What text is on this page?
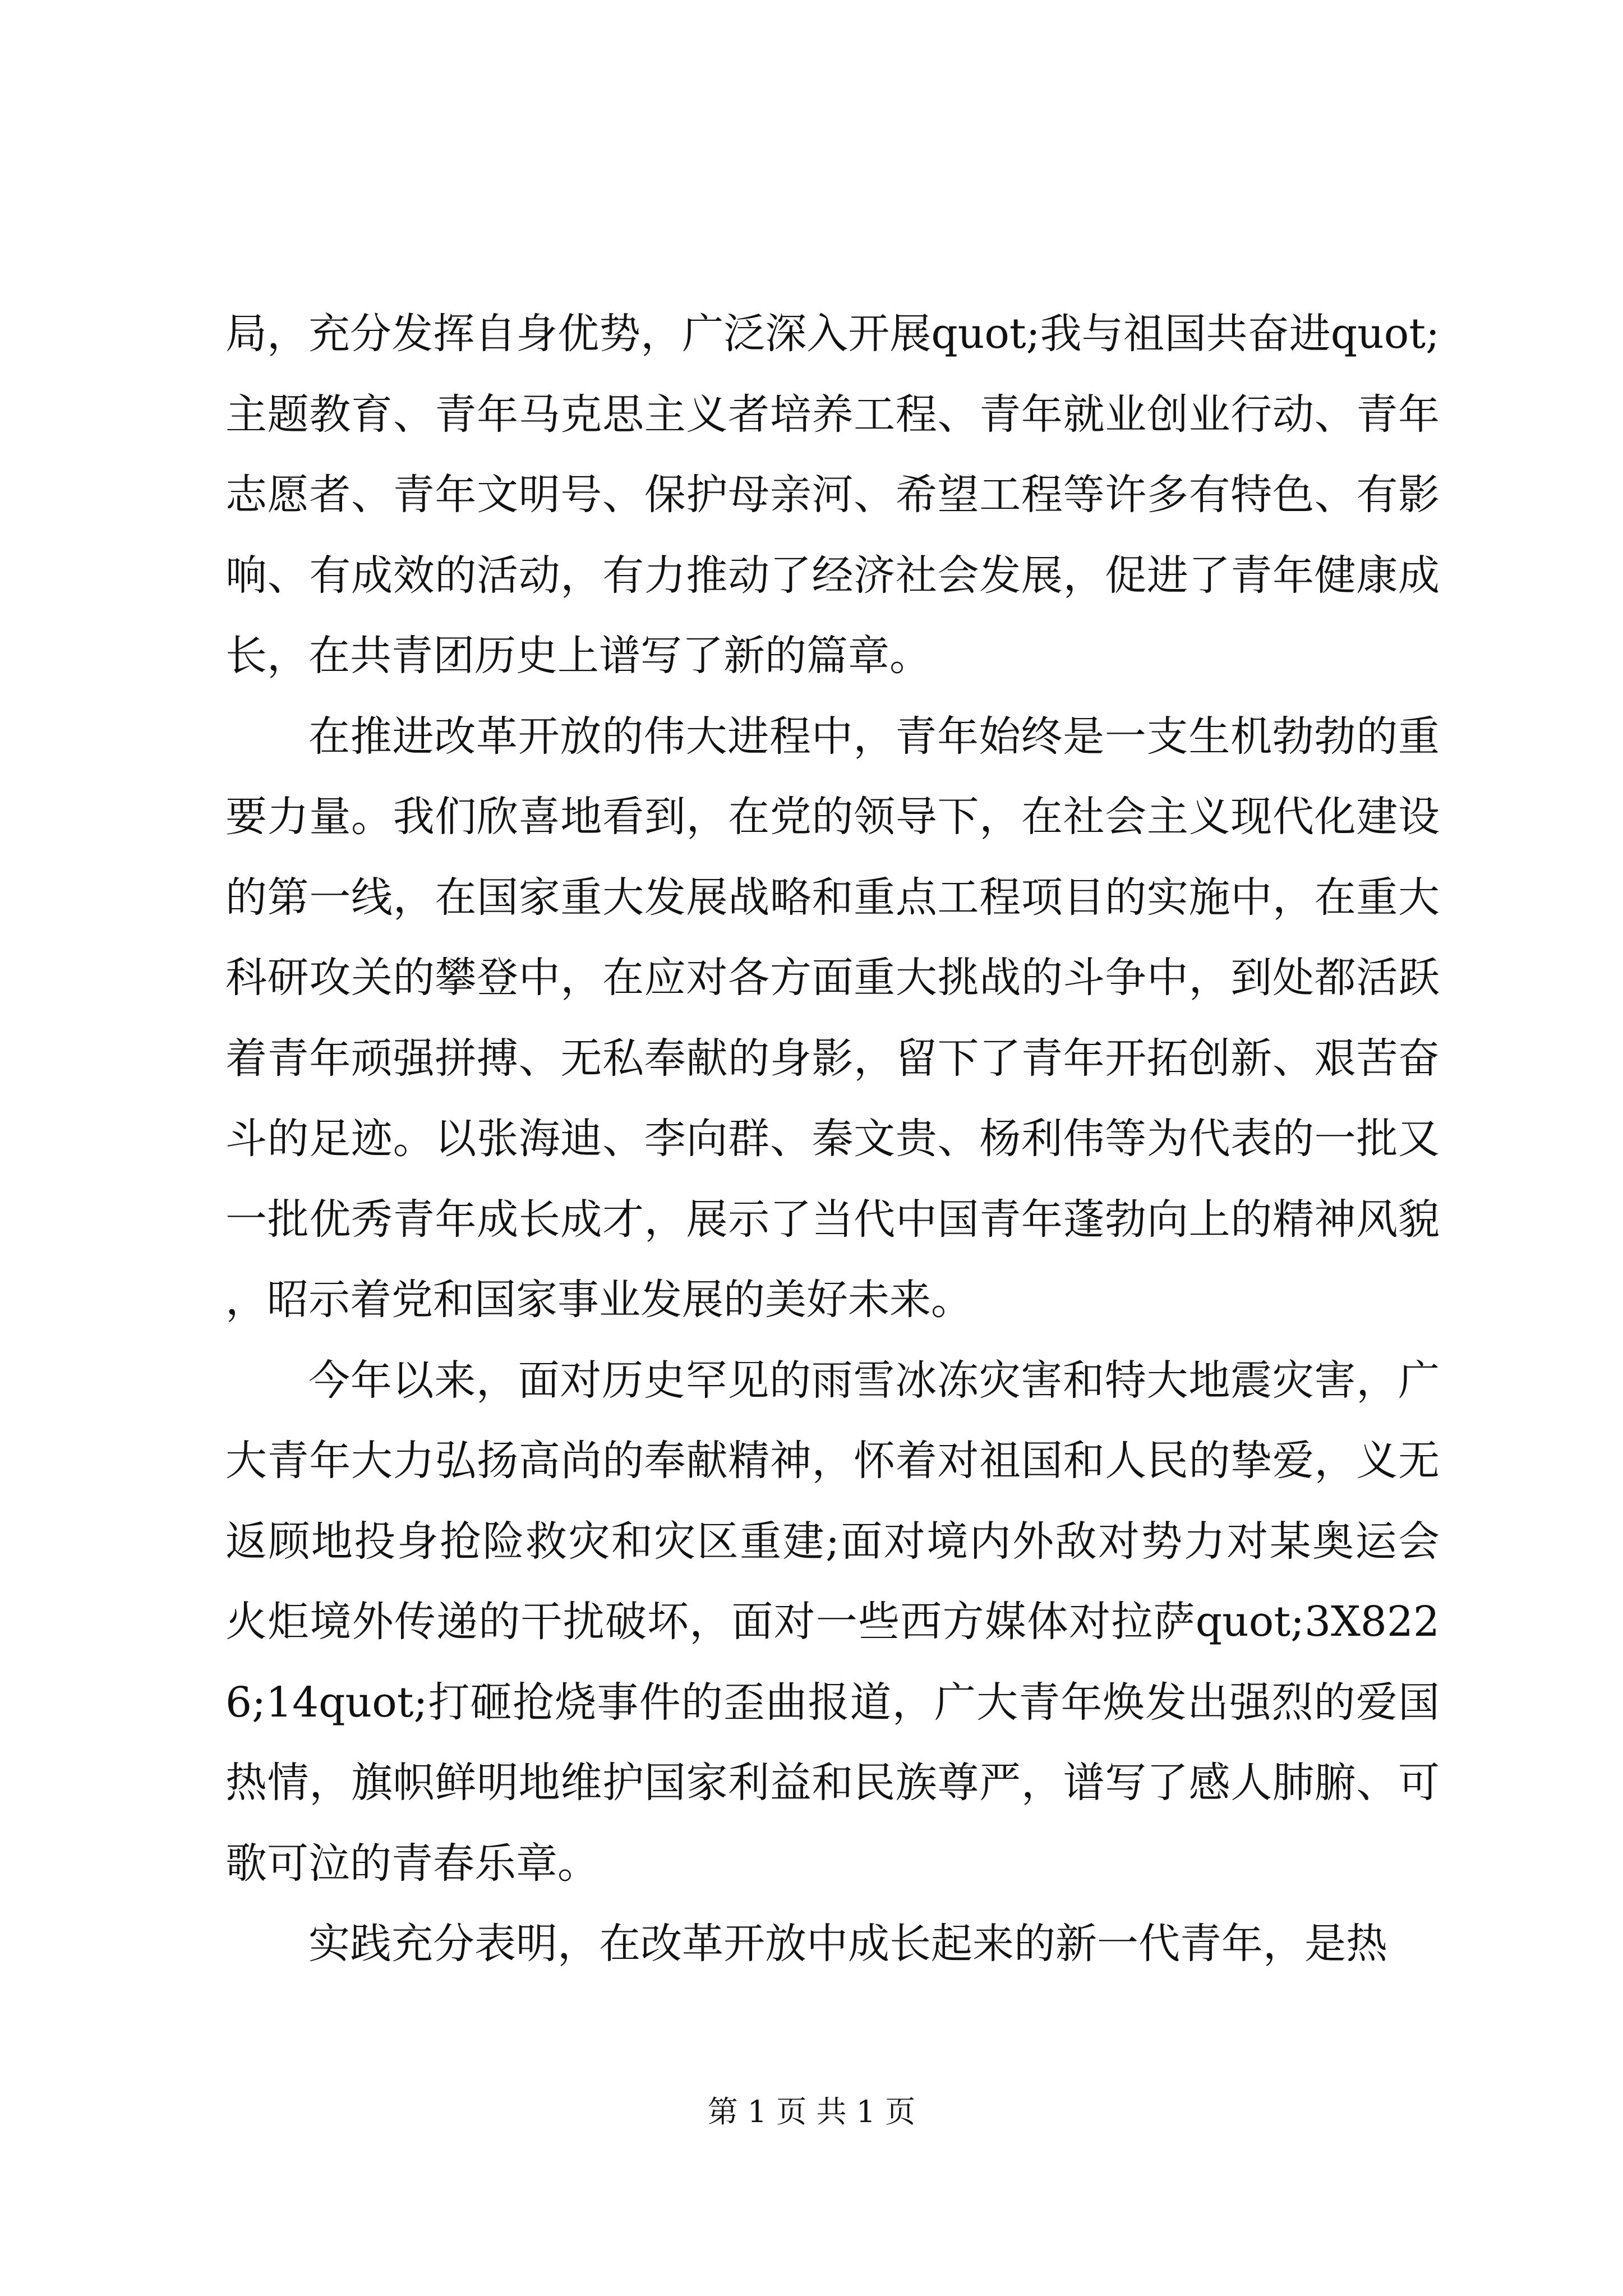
局，充分发挥自身优势，广泛深入开展quot;我与祖国共奋进quot;主题教育、青年马克思主义者培养工程、青年就业创业行动、青年志愿者、青年文明号、保护母亲河、希望工程等许多有特色、有影响、有成效的活动，有力推动了经济社会发展，促进了青年健康成长，在共青团历史上谱写了新的篇章。

在推进改革开放的伟大进程中，青年始终是一支生机勃勃的重要力量。我们欣喜地看到，在党的领导下，在社会主义现代化建设的第一线，在国家重大发展战略和重点工程项目的实施中，在重大科研攻关的攀登中，在应对各方面重大挑战的斗争中，到处都活跃着青年顽强拼搏、无私奉献的身影，留下了青年开拓创新、艰苦奋斗的足迹。以张海迪、李向群、秦文贵、杨利伟等为代表的一批又一批优秀青年成长成才，展示了当代中国青年蓬勃向上的精神风貌，昭示着党和国家事业发展的美好未来。

今年以来，面对历史罕见的雨雪冰冻灾害和特大地震灾害，广大青年大力弘扬高尚的奉献精神，怀着对祖国和人民的挚爱，义无返顾地投身抢险救灾和灾区重建;面对境内外敌对势力对某奥运会火炬境外传递的干扰破坏，面对一些西方媒体对拉萨quot;3X8226;14quot;打砸抢烧事件的歪曲报道，广大青年焕发出强烈的爱国热情，旗帜鲜明地维护国家利益和民族尊严，谱写了感人肺腑、可歌可泣的青春乐章。

实践充分表明，在改革开放中成长起来的新一代青年，是热

第 1 页 共 1 页
